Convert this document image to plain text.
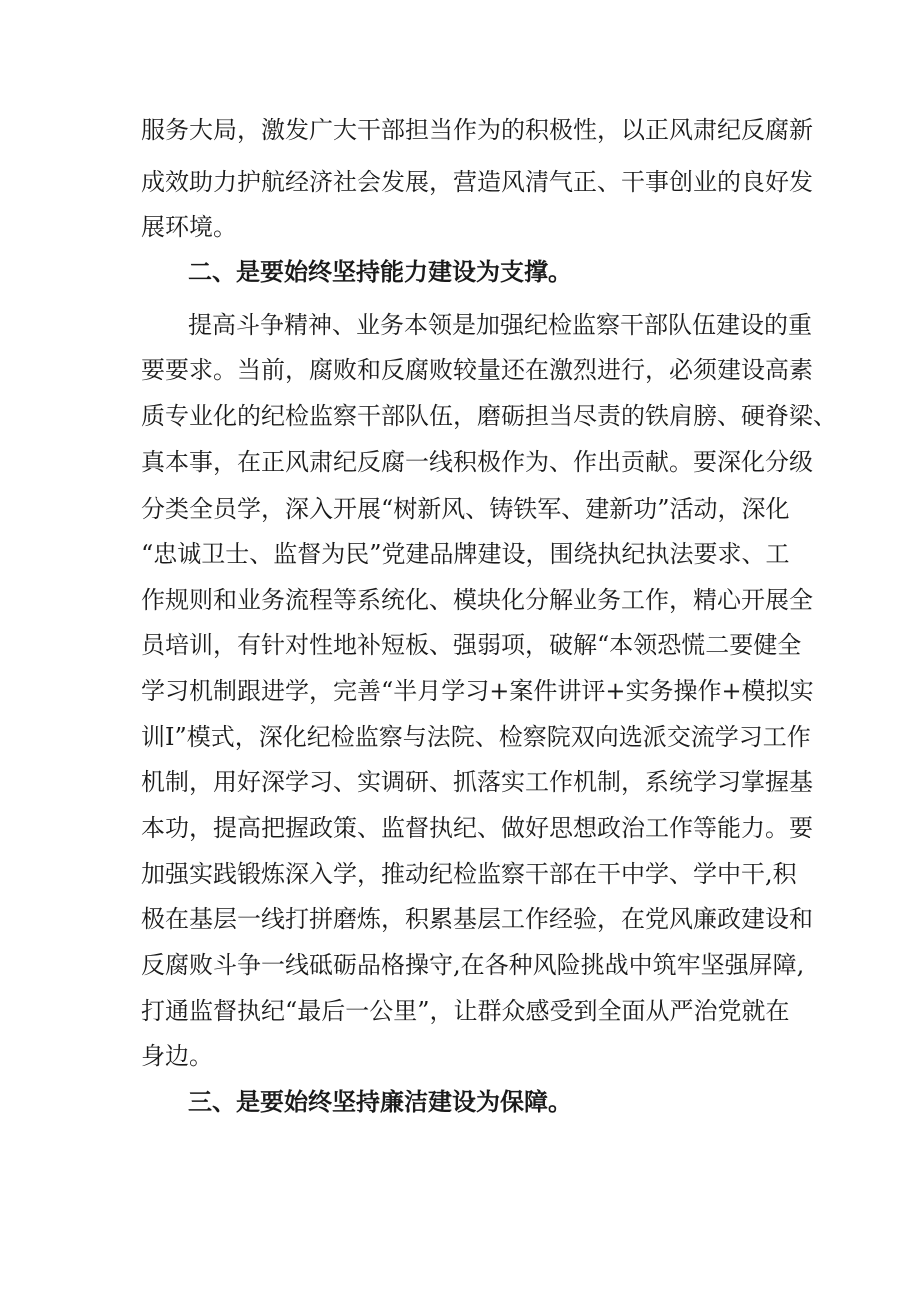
服务大局，激发广大干部担当作为的积极性，以正风肃纪反腐新
成效助力护航经济社会发展，营造风清气正、干事创业的良好发
展环境。
二、是要始终坚持能力建设为支撑。
提高斗争精神、业务本领是加强纪检监察干部队伍建设的重
要要求。当前，腐败和反腐败较量还在激烈进行，必须建设高素
质专业化的纪检监察干部队伍，磨砺担当尽责的铁肩膀、硬脊梁、
真本事，在正风肃纪反腐一线积极作为、作出贡献。要深化分级
分类全员学，深入开展“树新风、铸铁军、建新功”活动，深化
“忠诚卫士、监督为民”党建品牌建设，围绕执纪执法要求、工
作规则和业务流程等系统化、模块化分解业务工作，精心开展全
员培训，有针对性地补短板、强弱项，破解“本领恐慌二要健全
学习机制跟进学，完善“半月学习+案件讲评+实务操作+模拟实
训I”模式，深化纪检监察与法院、检察院双向选派交流学习工作
机制，用好深学习、实调研、抓落实工作机制，系统学习掌握基
本功，提高把握政策、监督执纪、做好思想政治工作等能力。要
加强实践锻炼深入学，推动纪检监察干部在干中学、学中干,积
极在基层一线打拼磨炼，积累基层工作经验，在党风廉政建设和
反腐败斗争一线砥砺品格操守,在各种风险挑战中筑牢坚强屏障,
打通监督执纪“最后一公里”，让群众感受到全面从严治党就在
身边。
三、是要始终坚持廉洁建设为保障。
